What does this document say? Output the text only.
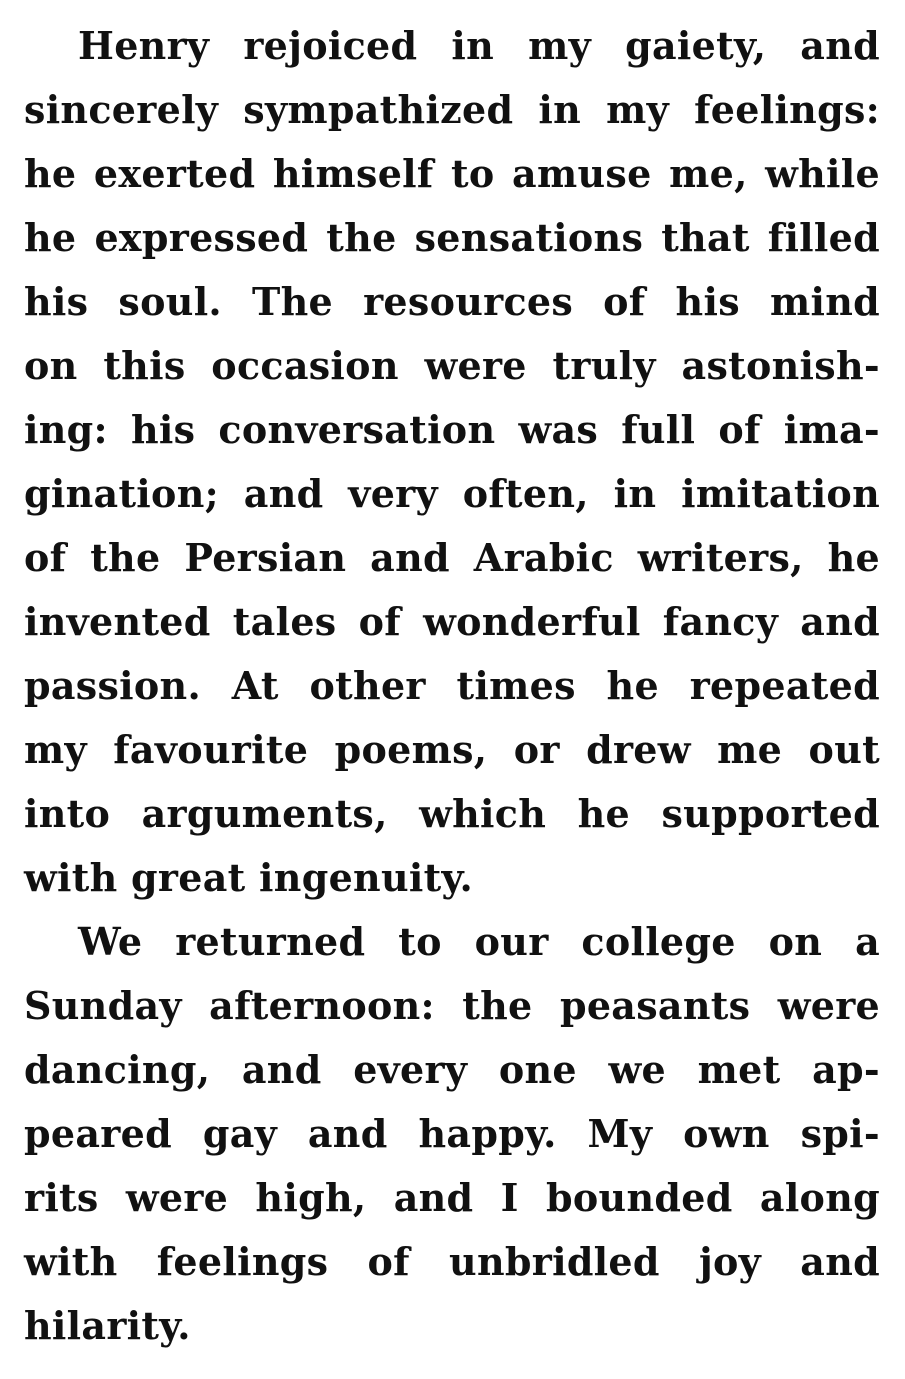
Henry rejoiced in my gaiety, and
sincerely sympathized in my feelings:
he exerted himself to amuse me, while
he expressed the sensations that filled
his soul. The resources of his mind
on this occasion were truly astonish-
ing: his conversation was full of ima-
gination; and very often, in imitation
of the Persian and Arabic writers, he
invented tales of wonderful fancy and
passion. At other times he repeated
my favourite poems, or drew me out
into arguments, which he supported
with great ingenuity.
We returned to our college on a
Sunday afternoon: the peasants were
dancing, and every one we met ap-
peared gay and happy. My own spi-
rits were high, and I bounded along
with feelings of unbridled joy and
hilarity.
